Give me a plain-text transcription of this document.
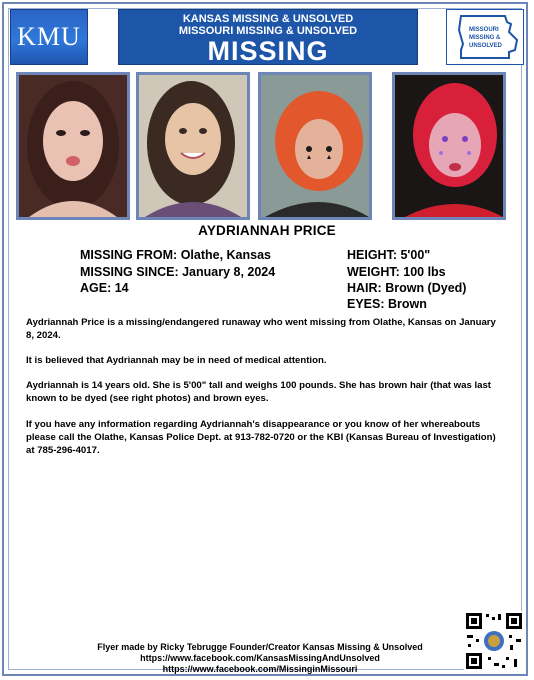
KMU
KANSAS MISSING & UNSOLVED
MISSOURI MISSING & UNSOLVED
MISSING
MISSOURI
MISSING &
UNSOLVED
AYDRIANNAH PRICE
MISSING FROM: Olathe, Kansas
MISSING SINCE: January 8, 2024
AGE: 14
HEIGHT: 5'00"
WEIGHT: 100 lbs
HAIR: Brown (Dyed)
EYES: Brown
Aydriannah Price is a missing/endangered runaway who went missing from Olathe, Kansas on January 8, 2024.
It is believed that Aydriannah may be in need of medical attention.
Aydriannah is 14 years old. She is 5'00" tall and weighs 100 pounds. She has brown hair (that was last known to be dyed (see right photos) and brown eyes.
If you have any information regarding Aydriannah's disappearance or you know of her whereabouts please call the Olathe, Kansas Police Dept. at 913-782-0720 or the KBI (Kansas Bureau of Investigation) at 785-296-4017.
Flyer made by Ricky Tebrugge Founder/Creator Kansas Missing & Unsolved
https://www.facebook.com/KansasMissingAndUnsolved
https://www.facebook.com/MissinginMissouri
